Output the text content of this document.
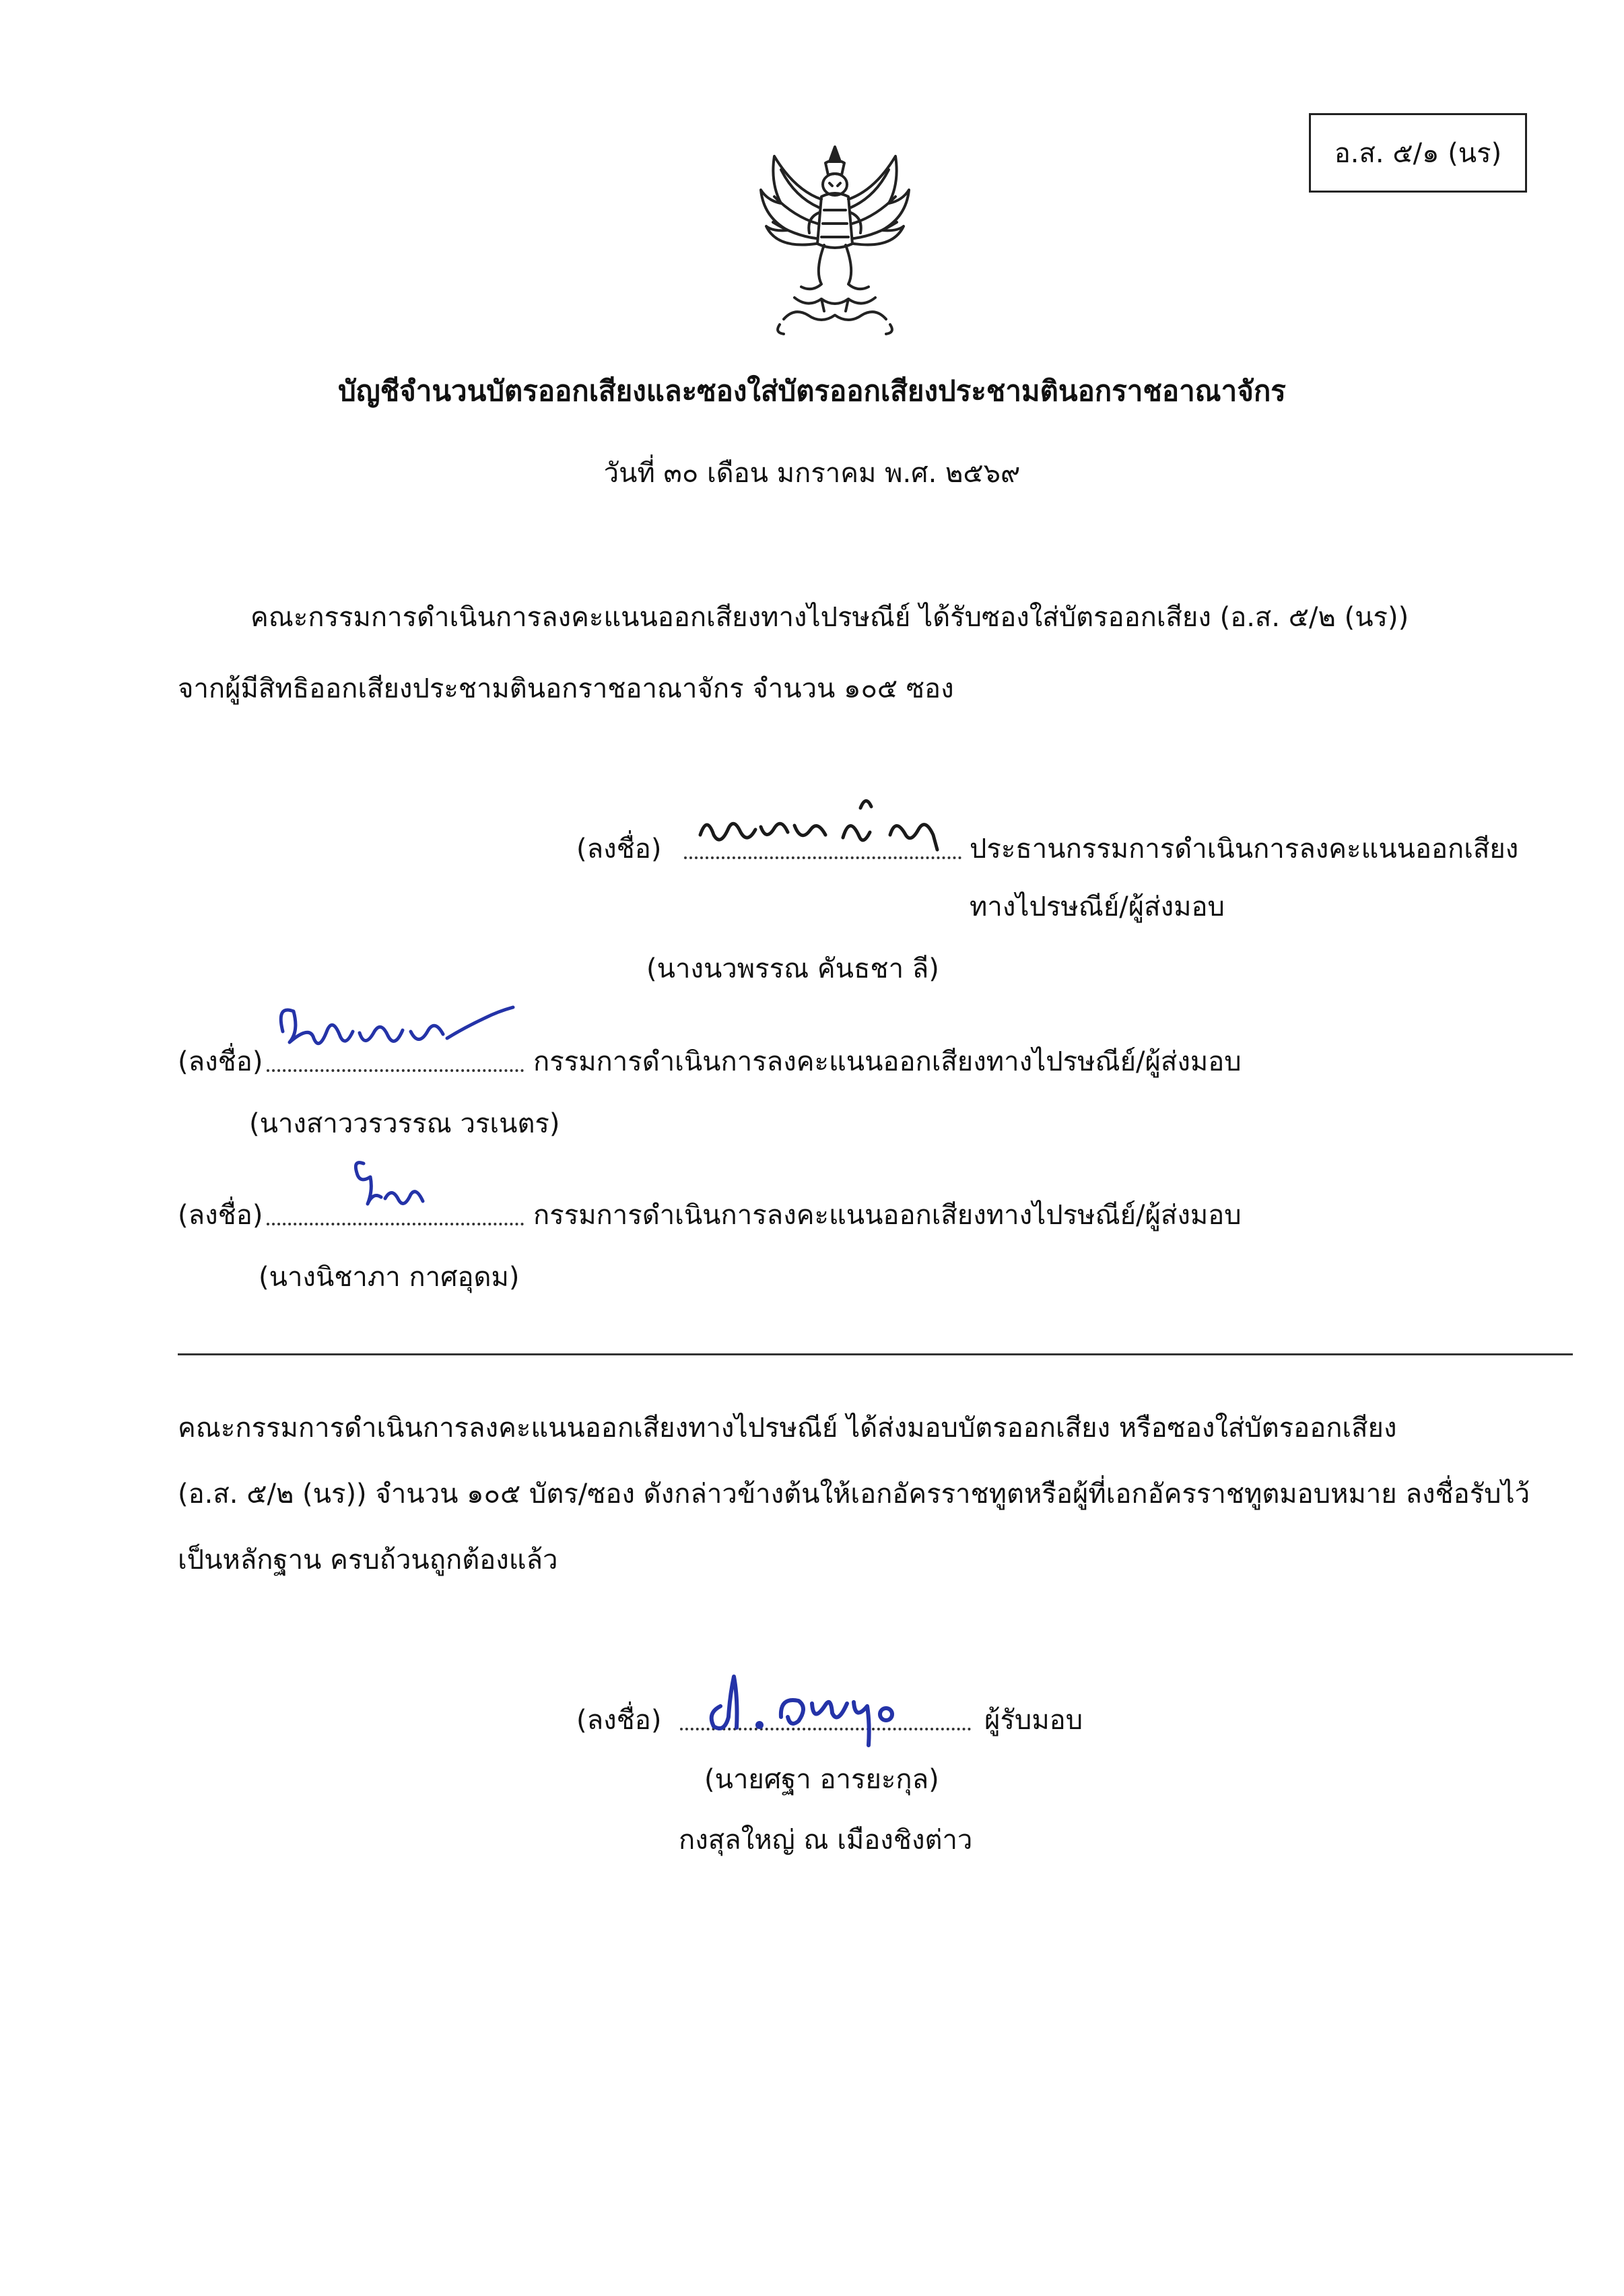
อ.ส. ๕/๑ (นร)
บัญชีจำนวนบัตรออกเสียงและซองใส่บัตรออกเสียงประชามตินอกราชอาณาจักร
วันที่ ๓๐ เดือน มกราคม พ.ศ. ๒๕๖๙
คณะกรรมการดำเนินการลงคะแนนออกเสียงทางไปรษณีย์ ได้รับซองใส่บัตรออกเสียง (อ.ส. ๕/๒ (นร))
จากผู้มีสิทธิออกเสียงประชามตินอกราชอาณาจักร จำนวน ๑๐๕ ซอง
(ลงชื่อ)	ประธานกรรมการดำเนินการลงคะแนนออกเสียง
ทางไปรษณีย์/ผู้ส่งมอบ
(นางนวพรรณ คันธชา ลี)
(ลงชื่อ)	กรรมการดำเนินการลงคะแนนออกเสียงทางไปรษณีย์/ผู้ส่งมอบ
(นางสาววรวรรณ วรเนตร)
(ลงชื่อ)	กรรมการดำเนินการลงคะแนนออกเสียงทางไปรษณีย์/ผู้ส่งมอบ
(นางนิชาภา กาศอุดม)
คณะกรรมการดำเนินการลงคะแนนออกเสียงทางไปรษณีย์ ได้ส่งมอบบัตรออกเสียง หรือซองใส่บัตรออกเสียง
(อ.ส. ๕/๒ (นร)) จำนวน ๑๐๕ บัตร/ซอง ดังกล่าวข้างต้นให้เอกอัครราชทูตหรือผู้ที่เอกอัครราชทูตมอบหมาย ลงชื่อรับไว้
เป็นหลักฐาน ครบถ้วนถูกต้องแล้ว
(ลงชื่อ)	ผู้รับมอบ
(นายศฐา อารยะกุล)
กงสุลใหญ่ ณ เมืองชิงต่าว
